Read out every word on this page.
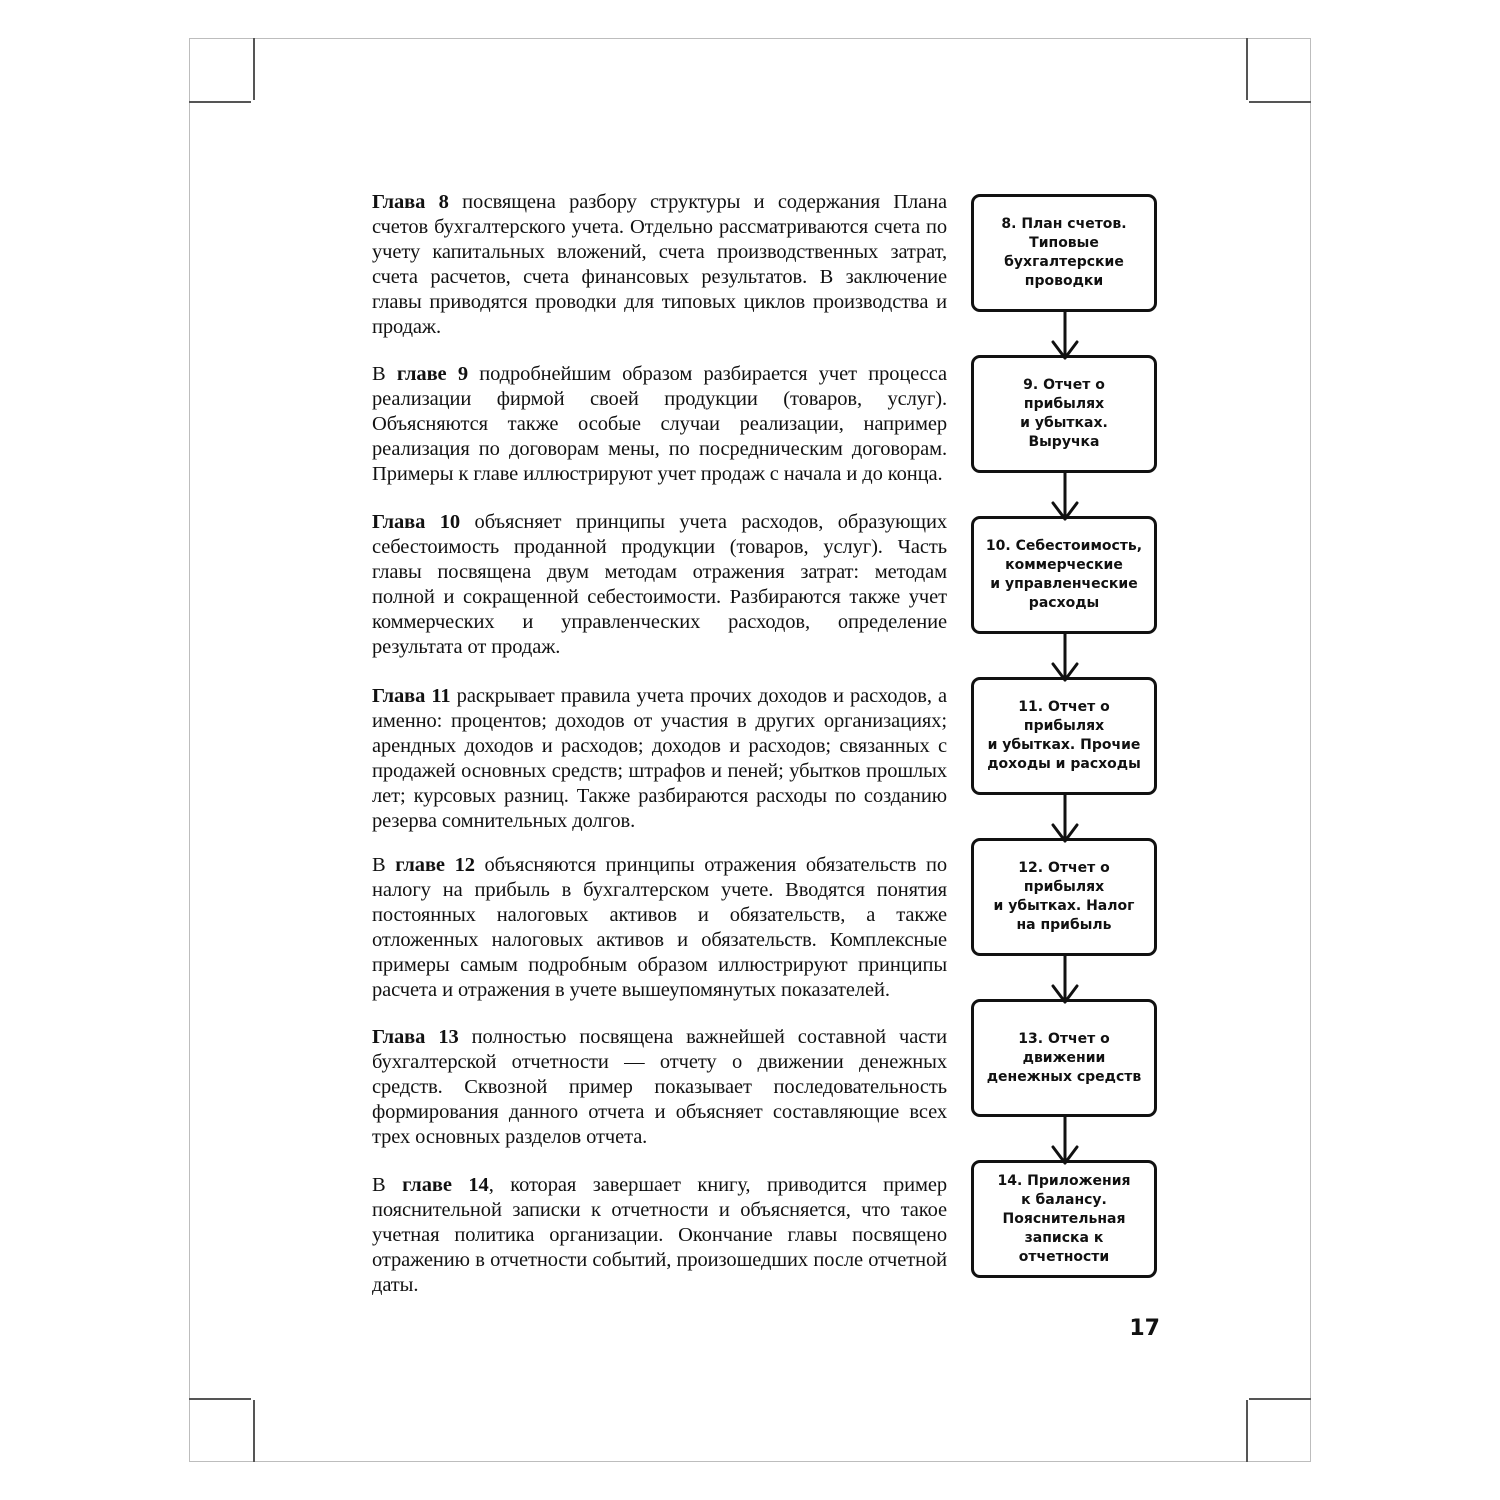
Глава 8 посвящена разбору структуры и содержания Плана счетов бухгалтерского учета. Отдельно рассматриваются счета по учету капитальных вложений, счета производственных затрат, счета расчетов, счета финансовых результатов. В заключение главы приводятся проводки для типовых циклов производства и продаж.

В главе 9 подробнейшим образом разбирается учет процесса реализации фирмой своей продукции (товаров, услуг). Объясняются также особые случаи реализации, например реализация по договорам мены, по посредническим договорам. Примеры к главе иллюстрируют учет продаж с начала и до конца.

Глава 10 объясняет принципы учета расходов, образующих себестоимость проданной продукции (товаров, услуг). Часть главы посвящена двум методам отражения затрат: методам полной и сокращенной себестоимости. Разбираются также учет коммерческих и управленческих расходов, определение результата от продаж.

Глава 11 раскрывает правила учета прочих доходов и расходов, а именно: процентов; доходов от участия в других организациях; арендных доходов и расходов; доходов и расходов; связанных с продажей основных средств; штрафов и пеней; убытков прошлых лет; курсовых разниц. Также разбираются расходы по созданию резерва сомнительных долгов.

В главе 12 объясняются принципы отражения обязательств по налогу на прибыль в бухгалтерском учете. Вводятся понятия постоянных налоговых активов и обязательств, а также отложенных налоговых активов и обязательств. Комплексные примеры самым подробным образом иллюстрируют принципы расчета и отражения в учете вышеупомянутых показателей.

Глава 13 полностью посвящена важнейшей составной части бухгалтерской отчетности — отчету о движении денежных средств. Сквозной пример показывает последовательность формирования данного отчета и объясняет составляющие всех трех основных разделов отчета.

В главе 14, которая завершает книгу, приводится пример пояснительной записки к отчетности и объясняется, что такое учетная политика организации. Окончание главы посвящено отражению в отчетности событий, произошедших после отчетной даты.

8. План счетов.
Типовые
бухгалтерские
проводки
9. Отчет о прибылях
и убытках.
Выручка
10. Себестоимость,
коммерческие
и управленческие
расходы
11. Отчет о прибылях
и убытках. Прочие
доходы и расходы
12. Отчет о прибылях
и убытках. Налог
на прибыль
13. Отчет о движении
денежных средств
14. Приложения
к балансу.
Пояснительная
записка к отчетности
17
